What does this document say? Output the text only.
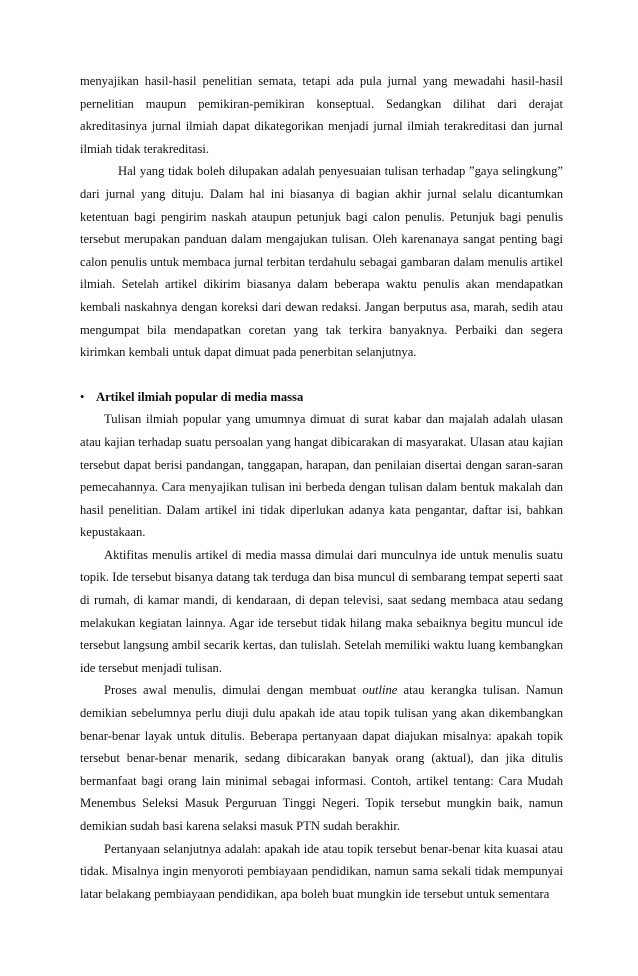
menyajikan hasil-hasil penelitian semata, tetapi ada pula jurnal yang mewadahi hasil-hasil pernelitian maupun pemikiran-pemikiran konseptual. Sedangkan dilihat dari derajat akreditasinya jurnal ilmiah dapat dikategorikan menjadi jurnal ilmiah terakreditasi dan jurnal ilmiah tidak terakreditasi.

Hal yang tidak boleh dilupakan adalah penyesuaian tulisan terhadap ”gaya selingkung” dari jurnal yang dituju. Dalam hal ini biasanya di bagian akhir jurnal selalu dicantumkan ketentuan bagi pengirim naskah ataupun petunjuk bagi calon penulis. Petunjuk bagi penulis tersebut merupakan panduan dalam mengajukan tulisan. Oleh karenanaya sangat penting bagi calon penulis untuk membaca jurnal terbitan terdahulu sebagai gambaran dalam menulis artikel ilmiah. Setelah artikel dikirim biasanya dalam beberapa waktu penulis akan mendapatkan kembali naskahnya dengan koreksi dari dewan redaksi. Jangan berputus asa, marah, sedih atau mengumpat bila mendapatkan coretan yang tak terkira banyaknya. Perbaiki dan segera kirimkan kembali untuk dapat dimuat pada penerbitan selanjutnya.

• Artikel ilmiah popular di media massa

Tulisan ilmiah popular yang umumnya dimuat di surat kabar dan majalah adalah ulasan atau kajian terhadap suatu persoalan yang hangat dibicarakan di masyarakat. Ulasan atau kajian tersebut dapat berisi pandangan, tanggapan, harapan, dan penilaian disertai dengan saran-saran pemecahannya. Cara menyajikan tulisan ini berbeda dengan tulisan dalam bentuk makalah dan hasil penelitian. Dalam artikel ini tidak diperlukan adanya kata pengantar, daftar isi, bahkan kepustakaan.

Aktifitas menulis artikel di media massa dimulai dari munculnya ide untuk menulis suatu topik. Ide tersebut bisanya datang tak terduga dan bisa muncul di sembarang tempat seperti saat di rumah, di kamar mandi, di kendaraan, di depan televisi, saat sedang membaca atau sedang melakukan kegiatan lainnya. Agar ide tersebut tidak hilang maka sebaiknya begitu muncul ide tersebut langsung ambil secarik kertas, dan tulislah. Setelah memiliki waktu luang kembangkan ide tersebut menjadi tulisan.

Proses awal menulis, dimulai dengan membuat outline atau kerangka tulisan. Namun demikian sebelumnya perlu diuji dulu apakah ide atau topik tulisan yang akan dikembangkan benar-benar layak untuk ditulis. Beberapa pertanyaan dapat diajukan misalnya: apakah topik tersebut benar-benar menarik, sedang dibicarakan banyak orang (aktual), dan jika ditulis bermanfaat bagi orang lain minimal sebagai informasi. Contoh, artikel tentang: Cara Mudah Menembus Seleksi Masuk Perguruan Tinggi Negeri. Topik tersebut mungkin baik, namun demikian sudah basi karena selaksi masuk PTN sudah berakhir.

Pertanyaan selanjutnya adalah: apakah ide atau topik tersebut benar-benar kita kuasai atau tidak. Misalnya ingin menyoroti pembiayaan pendidikan, namun sama sekali tidak mempunyai latar belakang pembiayaan pendidikan, apa boleh buat mungkin ide tersebut untuk sementara
